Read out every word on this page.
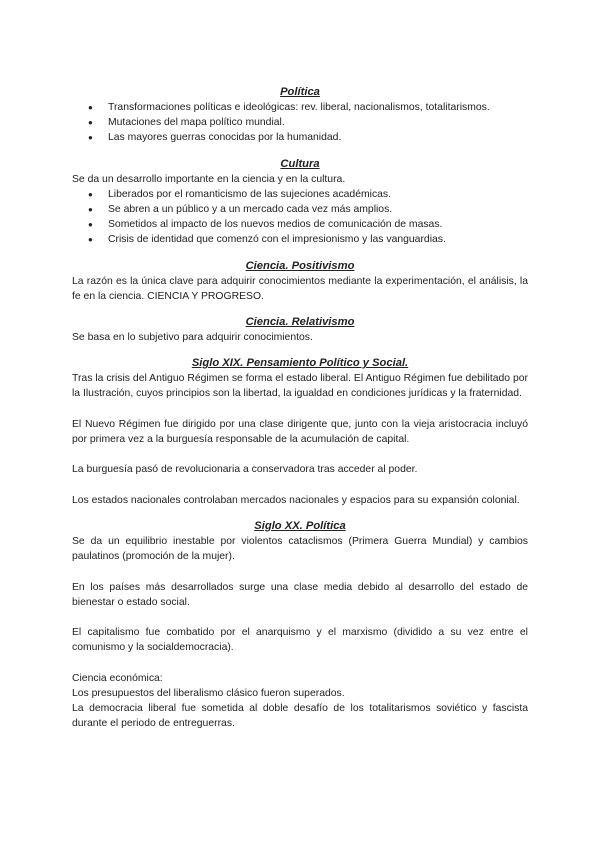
Política
● Transformaciones políticas e ideológicas: rev. liberal, nacionalismos, totalitarismos.
● Mutaciones del mapa político mundial.
● Las mayores guerras conocidas por la humanidad.
Cultura

Se da un desarrollo importante en la ciencia y en la cultura.

● Liberados por el romanticismo de las sujeciones académicas.
● Se abren a un público y a un mercado cada vez más amplios.
● Sometidos al impacto de los nuevos medios de comunicación de masas.
● Crisis de identidad que comenzó con el impresionismo y las vanguardias.
Ciencia. Positivismo

La razón es la única clave para adquirir conocimientos mediante la experimentación, el análisis, la fe en la ciencia. CIENCIA Y PROGRESO.

Ciencia. Relativismo

Se basa en lo subjetivo para adquirir conocimientos.

Siglo XIX. Pensamiento Político y Social.

Tras la crisis del Antiguo Régimen se forma el estado liberal. El Antiguo Régimen fue debilitado por la Ilustración, cuyos principios son la libertad, la igualdad en condiciones jurídicas y la fraternidad.

El Nuevo Régimen fue dirigido por una clase dirigente que, junto con la vieja aristocracia incluyó por primera vez a la burguesía responsable de la acumulación de capital.

La burguesía pasó de revolucionaria a conservadora tras acceder al poder.

Los estados nacionales controlaban mercados nacionales y espacios para su expansión colonial.

Siglo XX. Política

Se da un equilibrio inestable por violentos cataclismos (Primera Guerra Mundial) y cambios paulatinos (promoción de la mujer).

En los países más desarrollados surge una clase media debido al desarrollo del estado de bienestar o estado social.

El capitalismo fue combatido por el anarquismo y el marxismo (dividido a su vez entre el comunismo y la socialdemocracia).

Ciencia económica:

Los presupuestos del liberalismo clásico fueron superados.

La democracia liberal fue sometida al doble desafío de los totalitarismos soviético y fascista durante el periodo de entreguerras.
